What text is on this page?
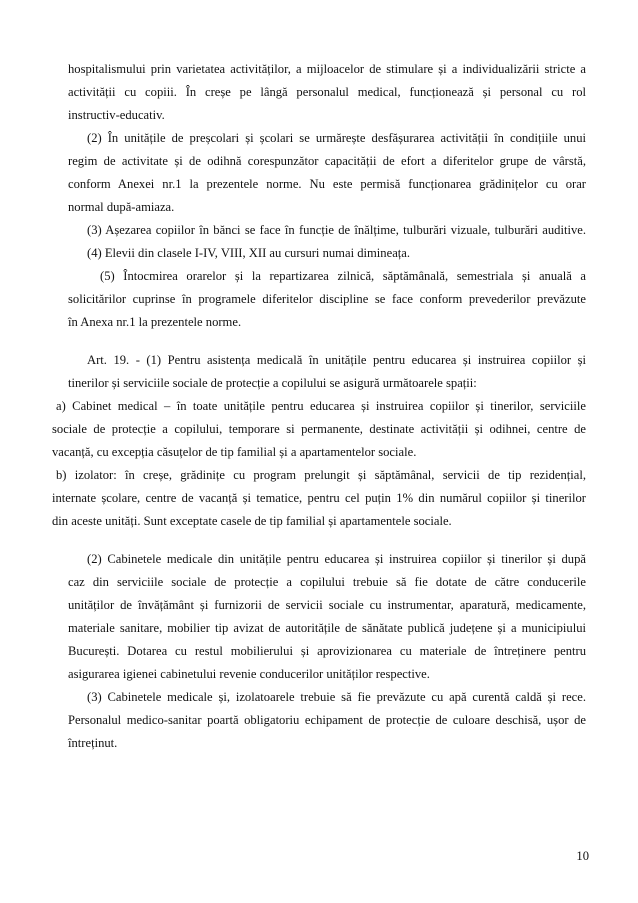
hospitalismului prin varietatea activităților, a mijloacelor de stimulare și a individualizării stricte a
activității cu copiii. În creșe pe lângă personalul medical, funcționează și personal cu rol
instructiv-educativ.
(2) În unitățile de preșcolari și școlari se urmărește desfășurarea activității în condițiile unui
regim de activitate și de odihnă corespunzător capacității de efort a diferitelor grupe de vârstă,
conform Anexei nr.1 la prezentele norme. Nu este permisă funcționarea grădinițelor cu orar
normal după-amiaza.
(3) Așezarea copiilor în bănci se face în funcție de înălțime, tulburări vizuale, tulburări auditive.
(4) Elevii din clasele I-IV, VIII, XII au cursuri numai dimineața.
(5) Întocmirea orarelor și la repartizarea zilnică, săptămânală, semestriala și anuală a
solicitărilor cuprinse în programele diferitelor discipline se face conform prevederilor prevăzute
în Anexa nr.1 la prezentele norme.
Art. 19. - (1) Pentru asistența medicală în unitățile pentru educarea și instruirea copiilor și
tinerilor și serviciile sociale de protecție a copilului se asigură următoarele spații:
a) Cabinet medical – în toate unitățile pentru educarea și instruirea copiilor și tinerilor, serviciile
sociale de protecție a copilului, temporare si permanente, destinate activității și odihnei, centre de
vacanță, cu excepția căsuțelor de tip familial și a apartamentelor sociale.
b) izolator: în creșe, grădinițe cu program prelungit și săptămânal, servicii de tip rezidențial,
internate școlare, centre de vacanță și tematice, pentru cel puțin 1% din numărul copiilor și tinerilor
din aceste unități. Sunt exceptate casele de tip familial și apartamentele sociale.
(2) Cabinetele medicale din unitățile pentru educarea și instruirea copiilor și tinerilor și după
caz din serviciile sociale de protecție a copilului trebuie să fie dotate de către conducerile
unităților de învățământ și furnizorii de servicii sociale cu instrumentar, aparatură, medicamente,
materiale sanitare, mobilier tip avizat de autoritățile de sănătate publică județene și a municipiului
București. Dotarea cu restul mobilierului și aprovizionarea cu materiale de întreținere pentru
asigurarea igienei cabinetului revenie conducerilor unităților respective.
(3) Cabinetele medicale și, izolatoarele trebuie să fie prevăzute cu apă curentă caldă și rece.
Personalul medico-sanitar poartă obligatoriu echipament de protecție de culoare deschisă, ușor de
întreținut.
10
